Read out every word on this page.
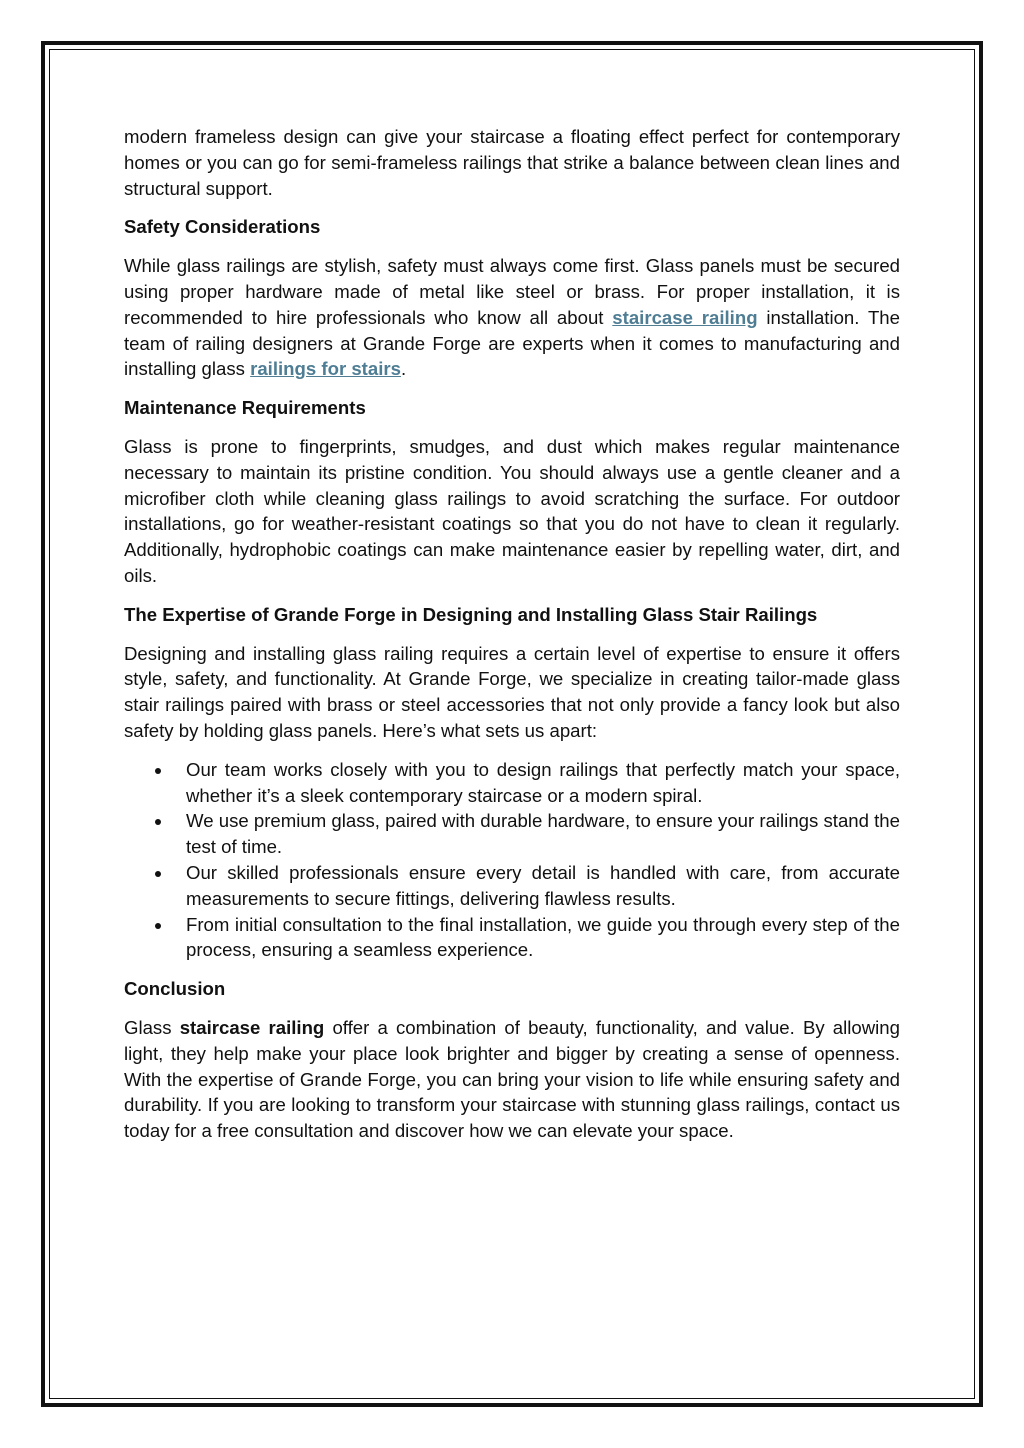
modern frameless design can give your staircase a floating effect perfect for contemporary homes or you can go for semi-frameless railings that strike a balance between clean lines and structural support.

Safety Considerations

While glass railings are stylish, safety must always come first. Glass panels must be secured using proper hardware made of metal like steel or brass. For proper installation, it is recommended to hire professionals who know all about staircase railing installation. The team of railing designers at Grande Forge are experts when it comes to manufacturing and installing glass railings for stairs.

Maintenance Requirements

Glass is prone to fingerprints, smudges, and dust which makes regular maintenance necessary to maintain its pristine condition. You should always use a gentle cleaner and a microfiber cloth while cleaning glass railings to avoid scratching the surface. For outdoor installations, go for weather-resistant coatings so that you do not have to clean it regularly. Additionally, hydrophobic coatings can make maintenance easier by repelling water, dirt, and oils.

The Expertise of Grande Forge in Designing and Installing Glass Stair Railings

Designing and installing glass railing requires a certain level of expertise to ensure it offers style, safety, and functionality. At Grande Forge, we specialize in creating tailor-made glass stair railings paired with brass or steel accessories that not only provide a fancy look but also safety by holding glass panels. Here’s what sets us apart:

Our team works closely with you to design railings that perfectly match your space, whether it’s a sleek contemporary staircase or a modern spiral.
We use premium glass, paired with durable hardware, to ensure your railings stand the test of time.
Our skilled professionals ensure every detail is handled with care, from accurate measurements to secure fittings, delivering flawless results.
From initial consultation to the final installation, we guide you through every step of the process, ensuring a seamless experience.

Conclusion

Glass staircase railing offer a combination of beauty, functionality, and value. By allowing light, they help make your place look brighter and bigger by creating a sense of openness. With the expertise of Grande Forge, you can bring your vision to life while ensuring safety and durability. If you are looking to transform your staircase with stunning glass railings, contact us today for a free consultation and discover how we can elevate your space.
